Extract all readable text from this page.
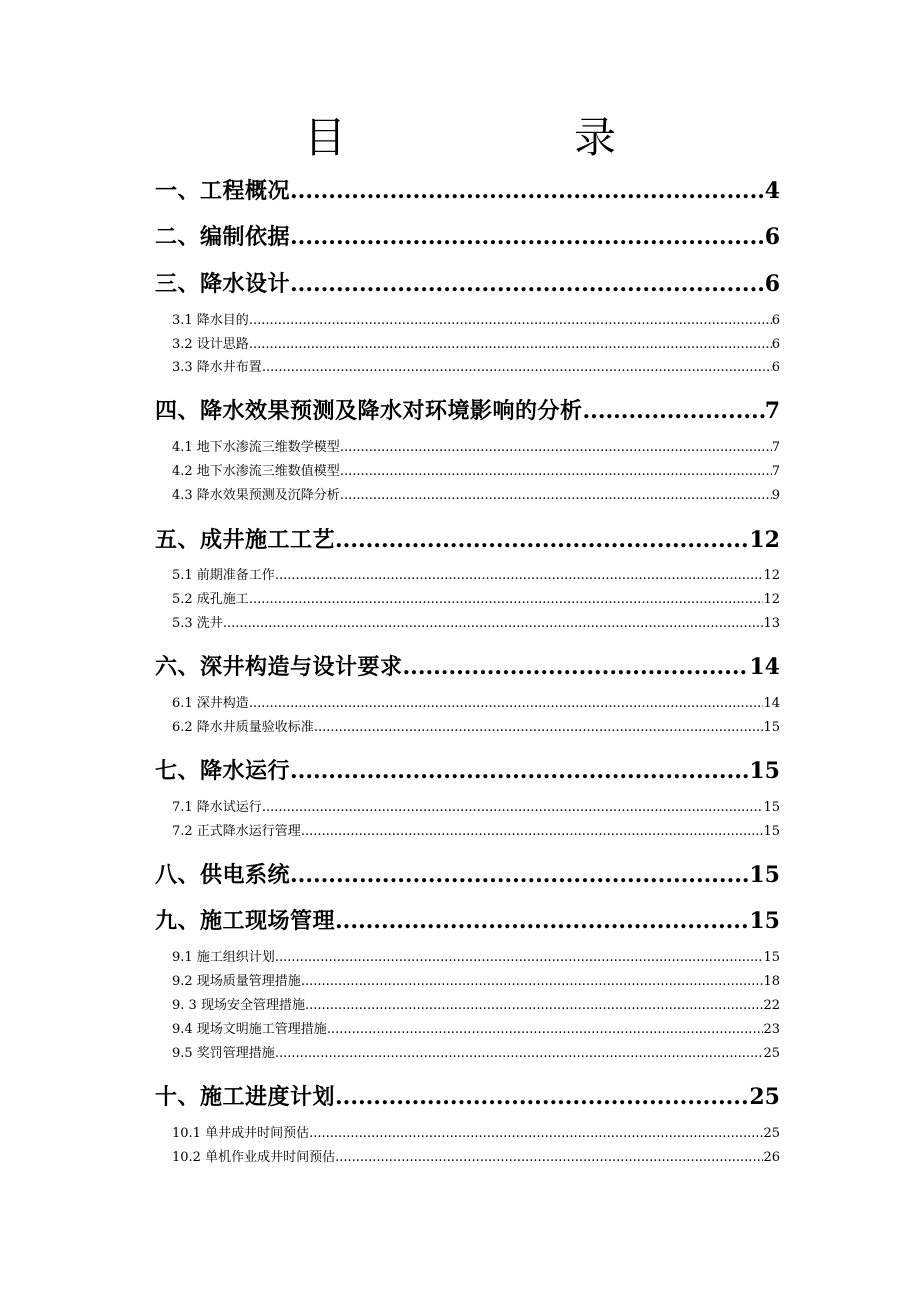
目　　录
一、工程概况 .....	4
二、编制依据 .....	6
三、降水设计 .....	6
3.1 降水目的 .....	6
3.2 设计思路 .....	6
3.3 降水井布置 .....	6
四、降水效果预测及降水对环境影响的分析 .....	7
4.1 地下水渗流三维数学模型 .....	7
4.2 地下水渗流三维数值模型 .....	7
4.3 降水效果预测及沉降分析 .....	9
五、成井施工工艺 .....	12
5.1 前期准备工作 .....	12
5.2 成孔施工 .....	12
5.3 洗井 .....	13
六、深井构造与设计要求 .....	14
6.1 深井构造 .....	14
6.2 降水井质量验收标准 .....	15
七、降水运行 .....	15
7.1 降水试运行 .....	15
7.2 正式降水运行管理 .....	15
八、供电系统 .....	15
九、施工现场管理 .....	15
9.1 施工组织计划 .....	15
9.2 现场质量管理措施 .....	18
9. 3 现场安全管理措施 .....	22
9.4 现场文明施工管理措施 .....	23
9.5 奖罚管理措施 .....	25
十、施工进度计划 .....	25
10.1 单井成井时间预估 .....	25
10.2 单机作业成井时间预估 .....	26
